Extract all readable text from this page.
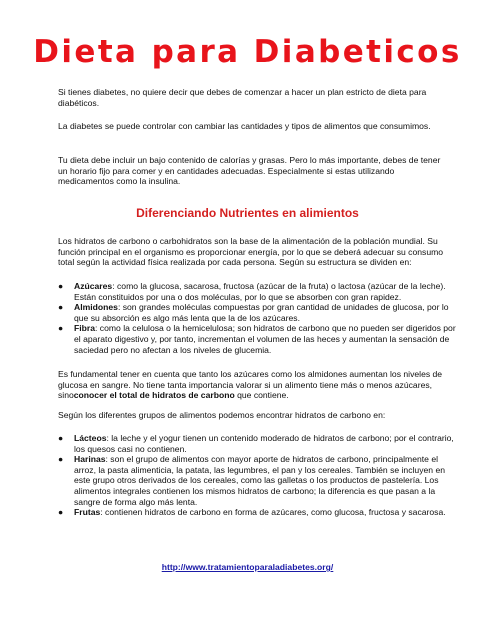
Dieta para Diabeticos

Si tienes diabetes, no quiere decir que debes de comenzar a hacer un plan estricto de dieta para diabéticos.

La diabetes se puede controlar con cambiar las cantidades y tipos de alimentos que consumimos.

Tu dieta debe incluir un bajo contenido de calorías y grasas. Pero lo más importante, debes de tener un horario fijo para comer y en cantidades adecuadas. Especialmente si estas utilizando medicamentos como la insulina.

Diferenciando Nutrientes en alimientos

Los hidratos de carbono o carbohidratos son la base de la alimentación de la población mundial. Su función principal en el organismo es proporcionar energía, por lo que se deberá adecuar su consumo total según la actividad física realizada por cada persona. Según su estructura se dividen en:

● Azúcares: como la glucosa, sacarosa, fructosa (azúcar de la fruta) o lactosa (azúcar de la leche). Están constituidos por una o dos moléculas, por lo que se absorben con gran rapidez.
● Almidones: son grandes moléculas compuestas por gran cantidad de unidades de glucosa, por lo que su absorción es algo más lenta que la de los azúcares.
● Fibra: como la celulosa o la hemicelulosa; son hidratos de carbono que no pueden ser digeridos por el aparato digestivo y, por tanto, incrementan el volumen de las heces y aumentan la sensación de saciedad pero no afectan a los niveles de glucemia.

Es fundamental tener en cuenta que tanto los azúcares como los almidones aumentan los niveles de glucosa en sangre. No tiene tanta importancia valorar si un alimento tiene más o menos azúcares, sinoconocer el total de hidratos de carbono que contiene.

Según los diferentes grupos de alimentos podemos encontrar hidratos de carbono en:

● Lácteos: la leche y el yogur tienen un contenido moderado de hidratos de carbono; por el contrario, los quesos casi no contienen.
● Harinas: son el grupo de alimentos con mayor aporte de hidratos de carbono, principalmente el arroz, la pasta alimenticia, la patata, las legumbres, el pan y los cereales. También se incluyen en este grupo otros derivados de los cereales, como las galletas o los productos de pastelería. Los alimentos integrales contienen los mismos hidratos de carbono; la diferencia es que pasan a la sangre de forma algo más lenta.
● Frutas: contienen hidratos de carbono en forma de azúcares, como glucosa, fructosa y sacarosa.
http://www.tratamientoparaladiabetes.org/
